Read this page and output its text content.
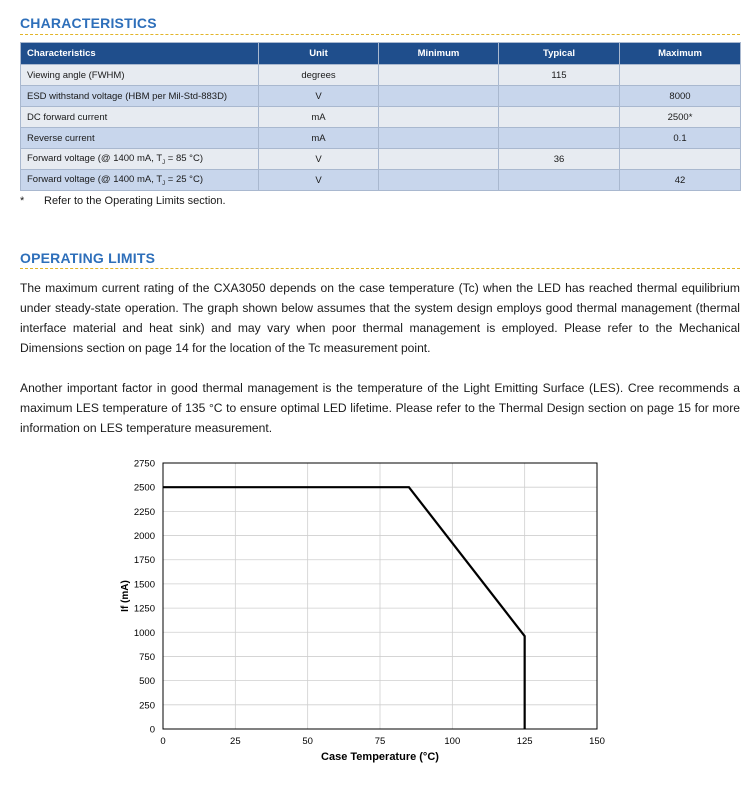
CHARACTERISTICS
Characteristics	Unit	Minimum	Typical	Maximum
Viewing angle (FWHM)	degrees		115	
ESD withstand voltage (HBM per Mil-Std-883D)	V			8000
DC forward current	mA			2500*
Reverse current	mA			0.1
Forward voltage (@ 1400 mA, $T_J = 85$ °C)	V		36	
Forward voltage (@ 1400 mA, $T_J = 25$ °C)	V			42
* Refer to the Operating Limits section.
OPERATING LIMITS

The maximum current rating of the CXA3050 depends on the case temperature (Tc) when the LED has reached thermal equilibrium under steady-state operation. The graph shown below assumes that the system design employs good thermal management (thermal interface material and heat sink) and may vary when poor thermal management is employed. Please refer to the Mechanical Dimensions section on page 14 for the location of the Tc measurement point.

Another important factor in good thermal management is the temperature of the Light Emitting Surface (LES). Cree recommends a maximum LES temperature of 135 °C to ensure optimal LED lifetime. Please refer to the Thermal Design section on page 15 for more information on LES temperature measurement.

0
250
500
750
1000
1250
1500
1750
2000
2250
2500
2750
0	25	50	75	100	125	150
Case Temperature (°C)
If (mA)
